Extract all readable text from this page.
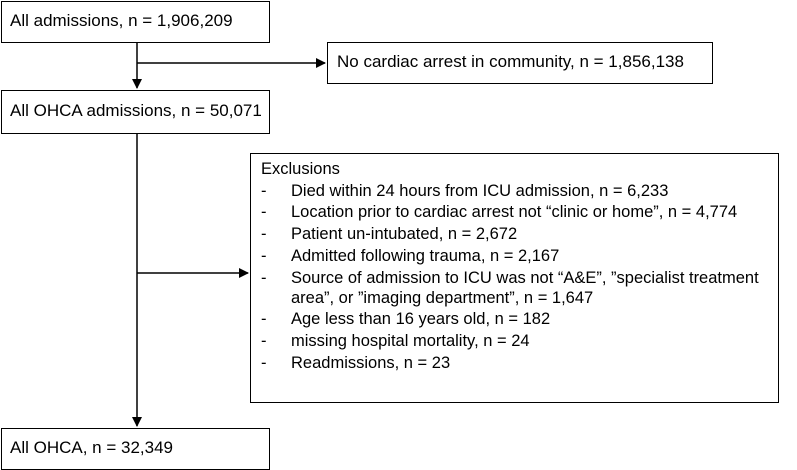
All admissions, n = 1,906,209
No cardiac arrest in community, n = 1,856,138
All OHCA admissions, n = 50,071
Exclusions
- Died within 24 hours from ICU admission, n = 6,233
- Location prior to cardiac arrest not “clinic or home”, n = 4,774
- Patient un-intubated, n = 2,672
- Admitted following trauma, n = 2,167
- Source of admission to ICU was not “A&E”, ”specialist treatment area”, or ”imaging department”, n = 1,647
- Age less than 16 years old, n = 182
- missing hospital mortality, n = 24
- Readmissions, n = 23
All OHCA, n = 32,349
